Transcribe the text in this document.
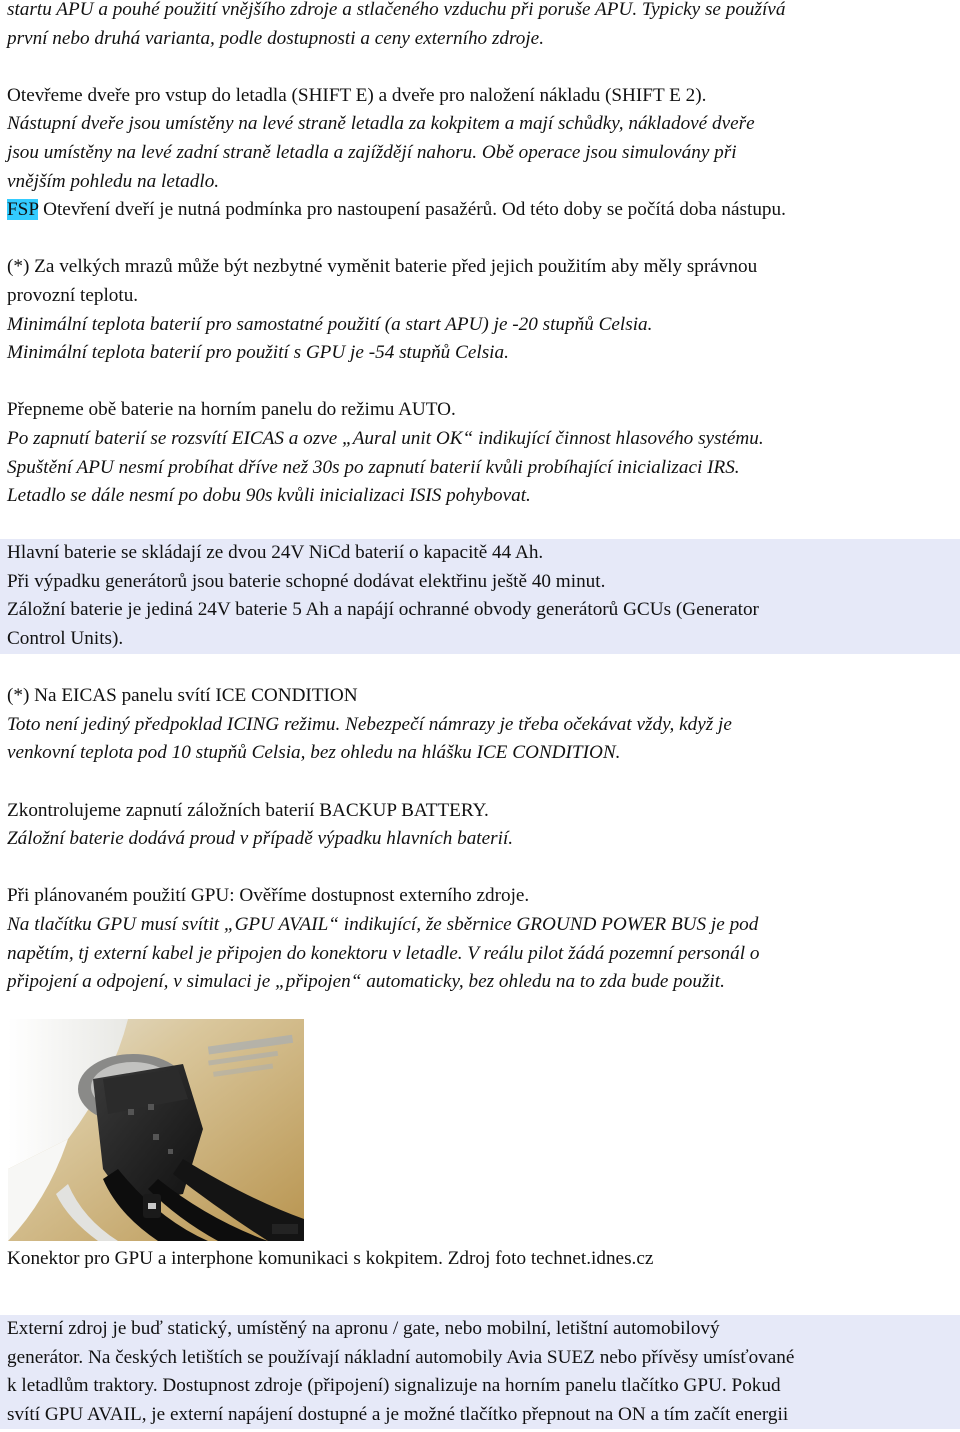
startu APU a pouhé použití vnějšího zdroje a stlačeného vzduchu při poruše APU. Typicky se používá

první nebo druhá varianta, podle dostupnosti a ceny externího zdroje.

Otevřeme dveře pro vstup do letadla (SHIFT E) a dveře pro naložení nákladu (SHIFT E 2).

Nástupní dveře jsou umístěny na levé straně letadla za kokpitem a mají schůdky, nákladové dveře

jsou umístěny na levé zadní straně letadla a zajíždějí nahoru. Obě operace jsou simulovány při

vnějším pohledu na letadlo.

FSP Otevření dveří je nutná podmínka pro nastoupení pasažérů. Od této doby se počítá doba nástupu.

(*) Za velkých mrazů může být nezbytné vyměnit baterie před jejich použitím aby měly správnou

provozní teplotu.

Minimální teplota baterií pro samostatné použití (a start APU) je -20 stupňů Celsia.

Minimální teplota baterií pro použití s GPU je -54 stupňů Celsia.

Přepneme obě baterie na horním panelu do režimu AUTO.

Po zapnutí baterií se rozsvítí EICAS a ozve „Aural unit OK“ indikující činnost hlasového systému.

Spuštění APU nesmí probíhat dříve než 30s po zapnutí baterií kvůli probíhající inicializaci IRS.

Letadlo se dále nesmí po dobu 90s kvůli inicializaci ISIS pohybovat.

Hlavní baterie se skládají ze dvou 24V NiCd baterií o kapacitě 44 Ah.

Při výpadku generátorů jsou baterie schopné dodávat elektřinu ještě 40 minut.

Záložní baterie je jediná 24V baterie 5 Ah a napájí ochranné obvody generátorů GCUs (Generator

Control Units).

(*) Na EICAS panelu svítí ICE CONDITION

Toto není jediný předpoklad ICING režimu. Nebezpečí námrazy je třeba očekávat vždy, když je

venkovní teplota pod 10 stupňů Celsia, bez ohledu na hlášku ICE CONDITION.

Zkontrolujeme zapnutí záložních baterií BACKUP BATTERY.

Záložní baterie dodává proud v případě výpadku hlavních baterií.

Při plánovaném použití GPU: Ověříme dostupnost externího zdroje.

Na tlačítku GPU musí svítit „GPU AVAIL“ indikující, že sběrnice GROUND POWER BUS je pod

napětím, tj externí kabel je připojen do konektoru v letadle. V reálu pilot žádá pozemní personál o

připojení a odpojení, v simulaci je „připojen“ automaticky, bez ohledu na to zda bude použit.

Konektor pro GPU a interphone komunikaci s kokpitem. Zdroj foto technet.idnes.cz

Externí zdroj je buď statický, umístěný na apronu / gate, nebo mobilní, letištní automobilový

generátor. Na českých letištích se používají nákladní automobily Avia SUEZ nebo přívěsy umísťované

k letadlům traktory. Dostupnost zdroje (připojení) signalizuje na horním panelu tlačítko GPU. Pokud

svítí GPU AVAIL, je externí napájení dostupné a je možné tlačítko přepnout na ON a tím začít energii
